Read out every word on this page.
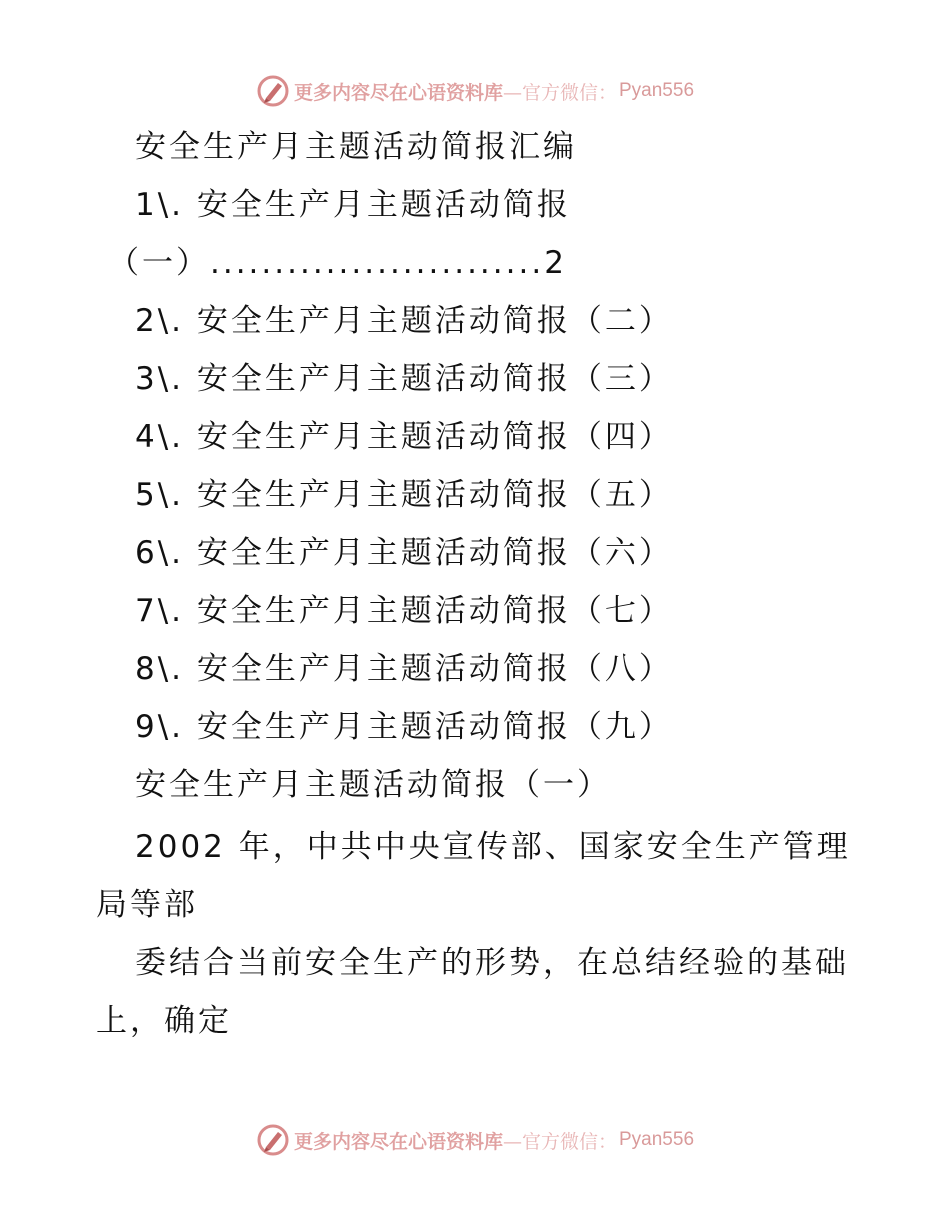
更多内容尽在心语资料库 —官方微信： Pyan556
安全生产月主题活动简报汇编
1\. 安全生产月主题活动简报
（一）..........................2
2\. 安全生产月主题活动简报（二）
3\. 安全生产月主题活动简报（三）
4\. 安全生产月主题活动简报（四）
5\. 安全生产月主题活动简报（五）
6\. 安全生产月主题活动简报（六）
7\. 安全生产月主题活动简报（七）
8\. 安全生产月主题活动简报（八）
9\. 安全生产月主题活动简报（九）
安全生产月主题活动简报（一）
2002 年，中共中央宣传部、国家安全生产管理
局等部
委结合当前安全生产的形势，在总结经验的基础
上，确定
更多内容尽在心语资料库 —官方微信： Pyan556
